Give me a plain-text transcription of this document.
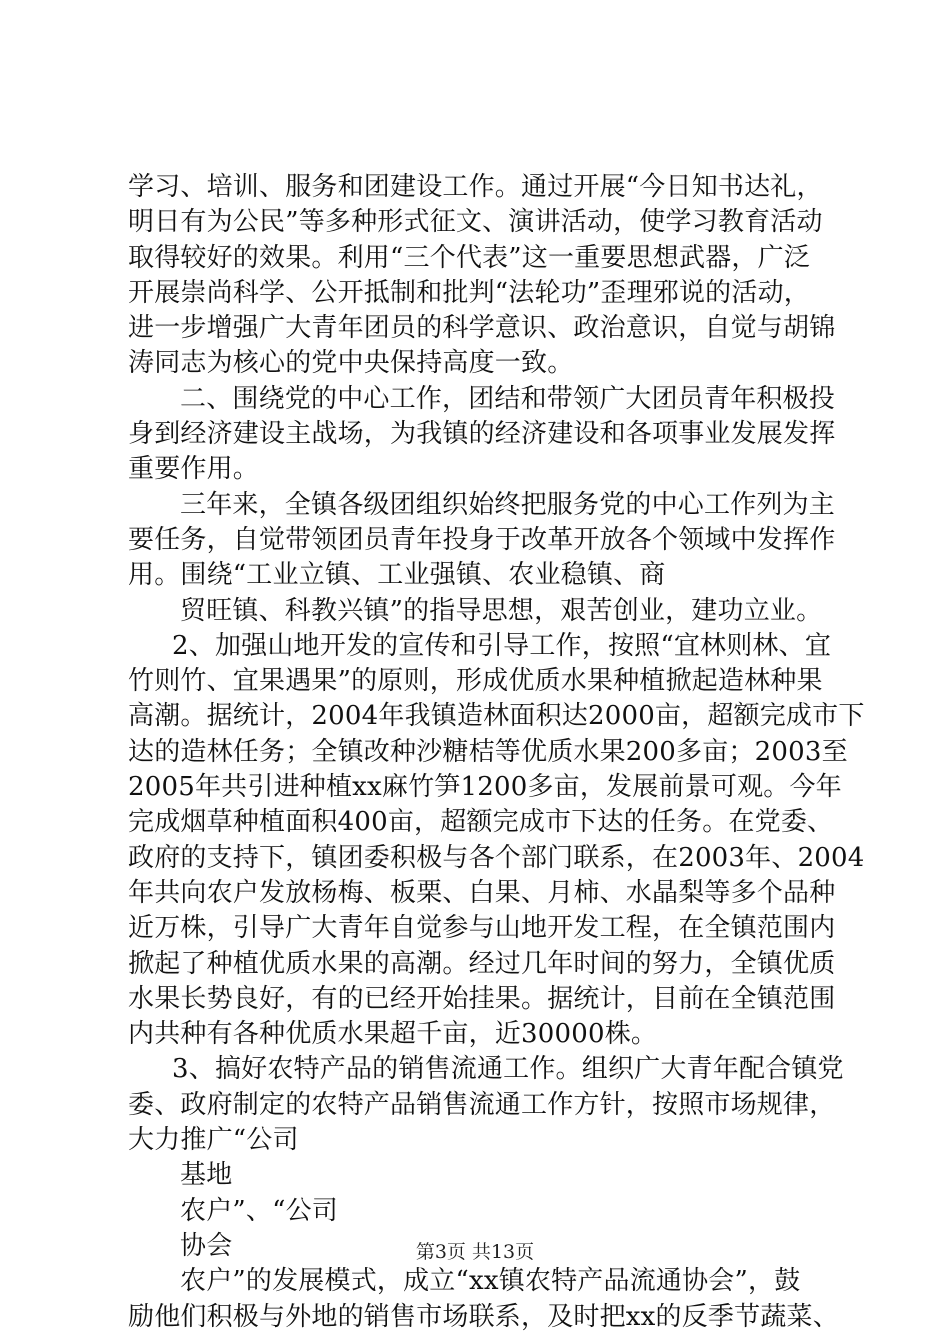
学习、培训、服务和团建设工作。通过开展“今日知书达礼，
明日有为公民”等多种形式征文、演讲活动，使学习教育活动
取得较好的效果。利用“三个代表”这一重要思想武器，广泛
开展崇尚科学、公开抵制和批判“法轮功”歪理邪说的活动，
进一步增强广大青年团员的科学意识、政治意识，自觉与胡锦
涛同志为核心的党中央保持高度一致。
二、围绕党的中心工作，团结和带领广大团员青年积极投
身到经济建设主战场，为我镇的经济建设和各项事业发展发挥
重要作用。
三年来，全镇各级团组织始终把服务党的中心工作列为主
要任务，自觉带领团员青年投身于改革开放各个领域中发挥作
用。围绕“工业立镇、工业强镇、农业稳镇、商
贸旺镇、科教兴镇”的指导思想，艰苦创业，建功立业。
2、加强山地开发的宣传和引导工作，按照“宜林则林、宜
竹则竹、宜果遇果”的原则，形成优质水果种植掀起造林种果
高潮。据统计，2004年我镇造林面积达2000亩，超额完成市下
达的造林任务；全镇改种沙糖桔等优质水果200多亩；2003至
2005年共引进种植xx麻竹笋1200多亩，发展前景可观。今年
完成烟草种植面积400亩，超额完成市下达的任务。在党委、
政府的支持下，镇团委积极与各个部门联系，在2003年、2004
年共向农户发放杨梅、板栗、白果、月柿、水晶梨等多个品种
近万株，引导广大青年自觉参与山地开发工程，在全镇范围内
掀起了种植优质水果的高潮。经过几年时间的努力，全镇优质
水果长势良好，有的已经开始挂果。据统计，目前在全镇范围
内共种有各种优质水果超千亩，近30000株。
3、搞好农特产品的销售流通工作。组织广大青年配合镇党
委、政府制定的农特产品销售流通工作方针，按照市场规律，
大力推广“公司
基地
农户”、“公司
协会
农户”的发展模式，成立“xx镇农特产品流通协会”，鼓
励他们积极与外地的销售市场联系，及时把xx的反季节蔬菜、
第3页 共13页
